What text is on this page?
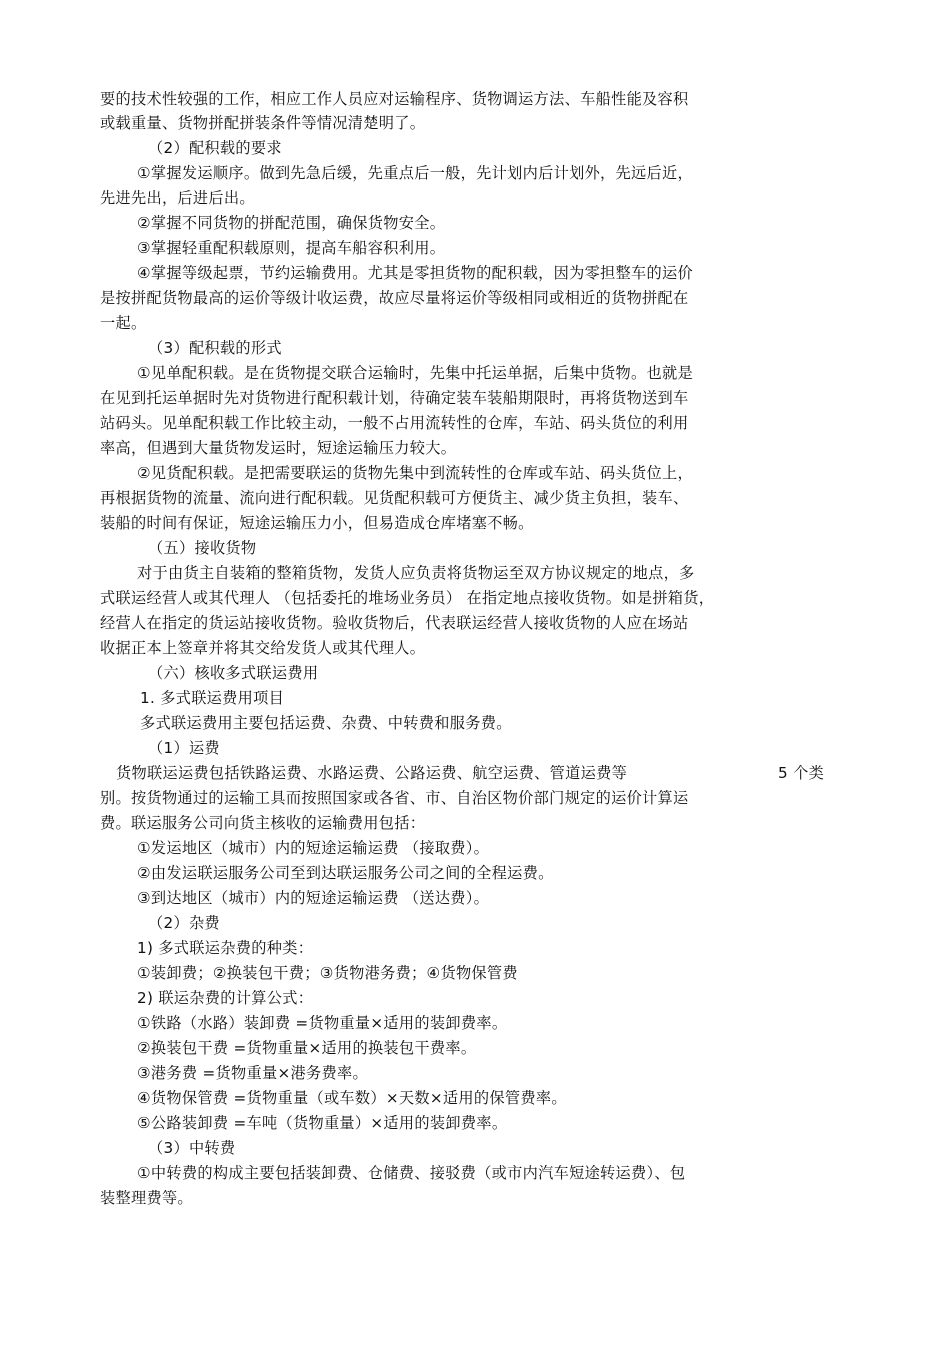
要的技术性较强的工作，相应工作人员应对运输程序、货物调运方法、车船性能及容积

或载重量、货物拼配拼装条件等情况清楚明了。

（2）配积载的要求

①掌握发运顺序。做到先急后缓，先重点后一般，先计划内后计划外，先远后近，

先进先出，后进后出。

②掌握不同货物的拼配范围，确保货物安全。

③掌握轻重配积载原则，提高车船容积利用。

④掌握等级起票，节约运输费用。尤其是零担货物的配积载，因为零担整车的运价

是按拼配货物最高的运价等级计收运费，故应尽量将运价等级相同或相近的货物拼配在

一起。

（3）配积载的形式

①见单配积载。是在货物提交联合运输时，先集中托运单据，后集中货物。也就是

在见到托运单据时先对货物进行配积载计划，待确定装车装船期限时，再将货物送到车

站码头。见单配积载工作比较主动，一般不占用流转性的仓库，车站、码头货位的利用

率高，但遇到大量货物发运时，短途运输压力较大。

②见货配积载。是把需要联运的货物先集中到流转性的仓库或车站、码头货位上，

再根据货物的流量、流向进行配积载。见货配积载可方便货主、减少货主负担，装车、

装船的时间有保证，短途运输压力小，但易造成仓库堵塞不畅。

（五）接收货物

对于由货主自装箱的整箱货物，发货人应负责将货物运至双方协议规定的地点，多

式联运经营人或其代理人 （包括委托的堆场业务员） 在指定地点接收货物。如是拼箱货，

经营人在指定的货运站接收货物。验收货物后，代表联运经营人接收货物的人应在场站

收据正本上签章并将其交给发货人或其代理人。

（六）核收多式联运费用

1. 多式联运费用项目

多式联运费用主要包括运费、杂费、中转费和服务费。

（1）运费

货物联运运费包括铁路运费、水路运费、公路运费、航空运费、管道运费等	5 个类

别。按货物通过的运输工具而按照国家或各省、市、自治区物价部门规定的运价计算运

费。联运服务公司向货主核收的运输费用包括：

①发运地区（城市）内的短途运输运费 （接取费）。

②由发运联运服务公司至到达联运服务公司之间的全程运费。

③到达地区（城市）内的短途运输运费 （送达费）。

（2）杂费

1) 多式联运杂费的种类：

①装卸费；②换装包干费；③货物港务费；④货物保管费

2) 联运杂费的计算公式：

①铁路（水路）装卸费 =货物重量×适用的装卸费率。

②换装包干费 =货物重量×适用的换装包干费率。

③港务费 =货物重量×港务费率。

④货物保管费 =货物重量（或车数）×天数×适用的保管费率。

⑤公路装卸费 =车吨（货物重量）×适用的装卸费率。

（3）中转费

①中转费的构成主要包括装卸费、仓储费、接驳费（或市内汽车短途转运费）、包

装整理费等。
